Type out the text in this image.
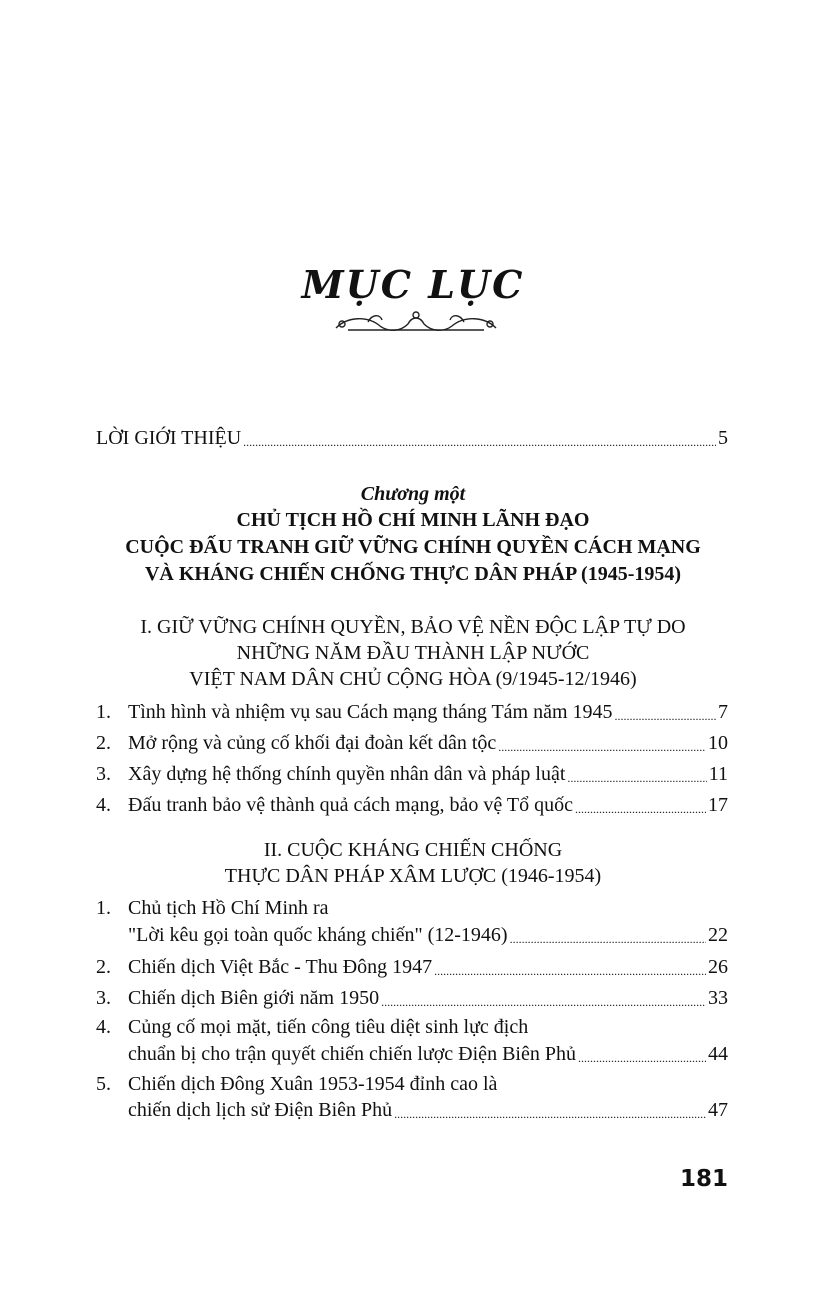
MỤC LỤC
LỜI GIỚI THIỆU .....	5
Chương một
CHỦ TỊCH HỒ CHÍ MINH LÃNH ĐẠO
CUỘC ĐẤU TRANH GIỮ VỮNG CHÍNH QUYỀN CÁCH MẠNG
VÀ KHÁNG CHIẾN CHỐNG THỰC DÂN PHÁP (1945-1954)
I. GIỮ VỮNG CHÍNH QUYỀN, BẢO VỆ NỀN ĐỘC LẬP TỰ DO
NHỮNG NĂM ĐẦU THÀNH LẬP NƯỚC
VIỆT NAM DÂN CHỦ CỘNG HÒA (9/1945-12/1946)
1. Tình hình và nhiệm vụ sau Cách mạng tháng Tám năm 1945 .....	7
2. Mở rộng và củng cố khối đại đoàn kết dân tộc .....	10
3. Xây dựng hệ thống chính quyền nhân dân và pháp luật .....	11
4. Đấu tranh bảo vệ thành quả cách mạng, bảo vệ Tổ quốc .....	17
II. CUỘC KHÁNG CHIẾN CHỐNG
THỰC DÂN PHÁP XÂM LƯỢC (1946-1954)
1. Chủ tịch Hồ Chí Minh ra
"Lời kêu gọi toàn quốc kháng chiến" (12-1946) .....	22
2. Chiến dịch Việt Bắc - Thu Đông 1947 .....	26
3. Chiến dịch Biên giới năm 1950 .....	33
4. Củng cố mọi mặt, tiến công tiêu diệt sinh lực địch
chuẩn bị cho trận quyết chiến chiến lược Điện Biên Phủ .....	44
5. Chiến dịch Đông Xuân 1953-1954 đỉnh cao là
chiến dịch lịch sử Điện Biên Phủ .....	47
181
